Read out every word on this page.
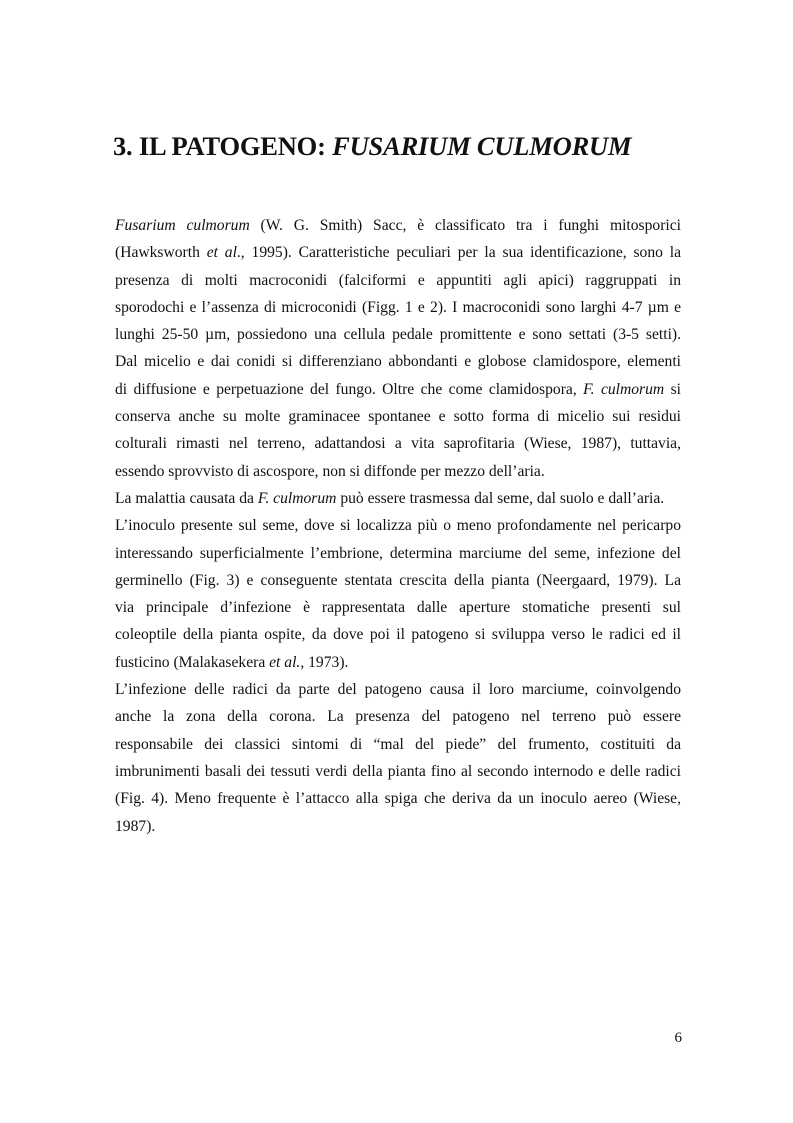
3. IL PATOGENO: FUSARIUM CULMORUM
Fusarium culmorum (W. G. Smith) Sacc, è classificato tra i funghi mitosporici
(Hawksworth et al., 1995). Caratteristiche peculiari per la sua identificazione, sono la
presenza di molti macroconidi (falciformi e appuntiti agli apici) raggruppati in
sporodochi e l’assenza di microconidi (Figg. 1 e 2). I macroconidi sono larghi 4-7 µm e
lunghi 25-50 µm, possiedono una cellula pedale promittente e sono settati (3-5 setti).
Dal micelio e dai conidi si differenziano abbondanti e globose clamidospore, elementi
di diffusione e perpetuazione del fungo. Oltre che come clamidospora, F. culmorum si
conserva anche su molte graminacee spontanee e sotto forma di micelio sui residui
colturali rimasti nel terreno, adattandosi a vita saprofitaria (Wiese, 1987), tuttavia,
essendo sprovvisto di ascospore, non si diffonde per mezzo dell’aria.
La malattia causata da F. culmorum può essere trasmessa dal seme, dal suolo e dall’aria.
L’inoculo presente sul seme, dove si localizza più o meno profondamente nel pericarpo
interessando superficialmente l’embrione, determina marciume del seme, infezione del
germinello (Fig. 3) e conseguente stentata crescita della pianta (Neergaard, 1979). La
via principale d’infezione è rappresentata dalle aperture stomatiche presenti sul
coleoptile della pianta ospite, da dove poi il patogeno si sviluppa verso le radici ed il
fusticino (Malakasekera et al., 1973).
L’infezione delle radici da parte del patogeno causa il loro marciume, coinvolgendo
anche la zona della corona. La presenza del patogeno nel terreno può essere
responsabile dei classici sintomi di “mal del piede” del frumento, costituiti da
imbrunimenti basali dei tessuti verdi della pianta fino al secondo internodo e delle radici
(Fig. 4). Meno frequente è l’attacco alla spiga che deriva da un inoculo aereo (Wiese,
1987).
6
